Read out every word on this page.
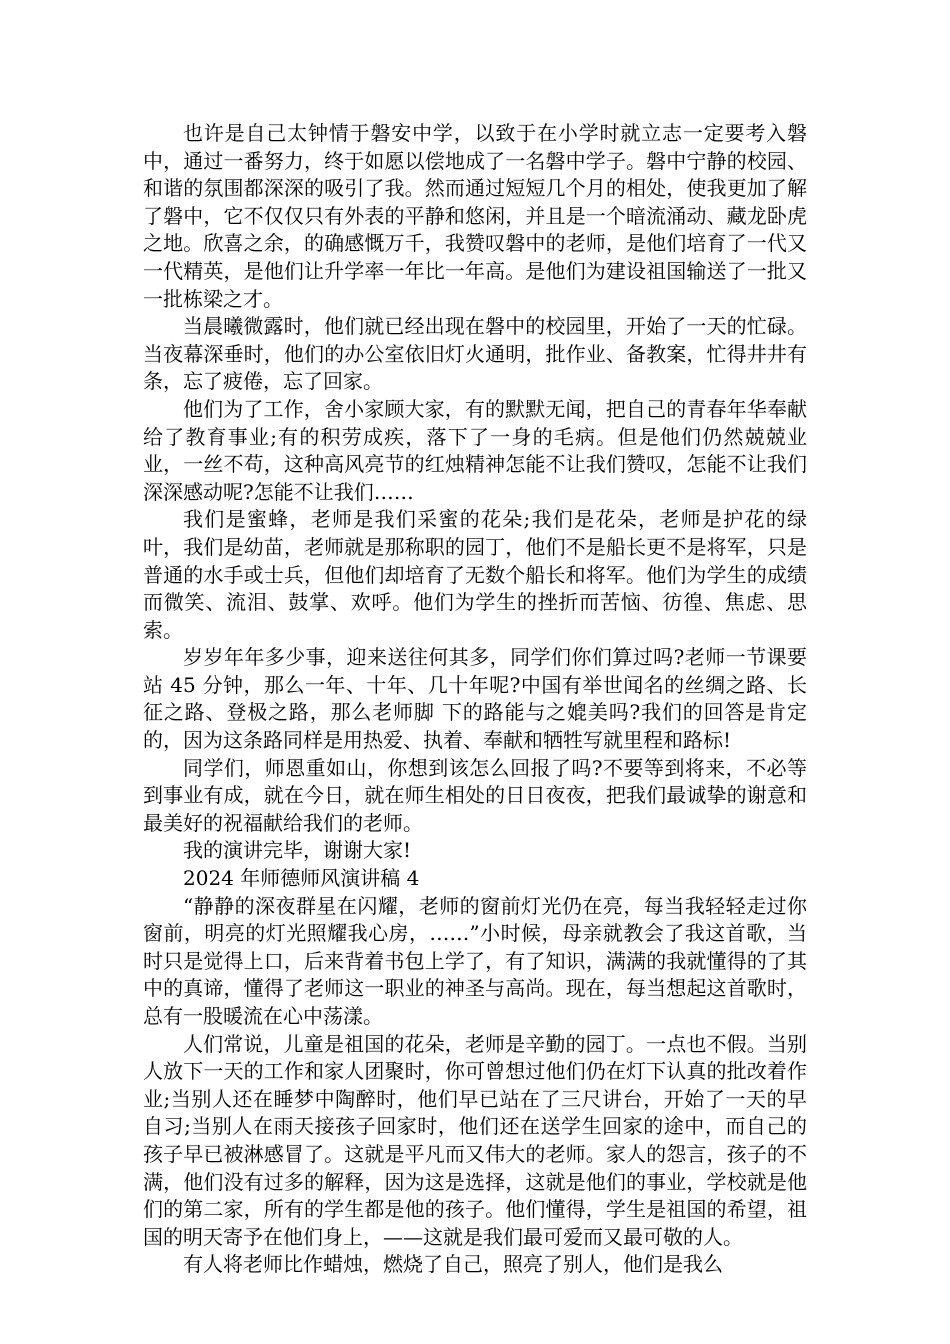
也许是自己太钟情于磐安中学，以致于在小学时就立志一定要考入磐中，通过一番努力，终于如愿以偿地成了一名磐中学子。磐中宁静的校园、和谐的氛围都深深的吸引了我。然而通过短短几个月的相处，使我更加了解了磐中，它不仅仅只有外表的平静和悠闲，并且是一个暗流涌动、藏龙卧虎之地。欣喜之余，的确感慨万千，我赞叹磐中的老师，是他们培育了一代又一代精英，是他们让升学率一年比一年高。是他们为建设祖国输送了一批又一批栋梁之才。

当晨曦微露时，他们就已经出现在磐中的校园里，开始了一天的忙碌。当夜幕深垂时，他们的办公室依旧灯火通明，批作业、备教案，忙得井井有条，忘了疲倦，忘了回家。

他们为了工作，舍小家顾大家，有的默默无闻，把自己的青春年华奉献给了教育事业;有的积劳成疾，落下了一身的毛病。但是他们仍然兢兢业业，一丝不苟，这种高风亮节的红烛精神怎能不让我们赞叹，怎能不让我们深深感动呢?怎能不让我们……

我们是蜜蜂，老师是我们采蜜的花朵;我们是花朵，老师是护花的绿叶，我们是幼苗，老师就是那称职的园丁，他们不是船长更不是将军，只是普通的水手或士兵，但他们却培育了无数个船长和将军。他们为学生的成绩而微笑、流泪、鼓掌、欢呼。他们为学生的挫折而苦恼、彷徨、焦虑、思索。

岁岁年年多少事，迎来送往何其多，同学们你们算过吗?老师一节课要站 45 分钟，那么一年、十年、几十年呢?中国有举世闻名的丝绸之路、长征之路、登极之路，那么老师脚 下的路能与之媲美吗?我们的回答是肯定的，因为这条路同样是用热爱、执着、奉献和牺牲写就里程和路标!

同学们，师恩重如山，你想到该怎么回报了吗?不要等到将来，不必等到事业有成，就在今日，就在师生相处的日日夜夜，把我们最诚挚的谢意和最美好的祝福献给我们的老师。

我的演讲完毕，谢谢大家!

2024 年师德师风演讲稿 4

“静静的深夜群星在闪耀，老师的窗前灯光仍在亮，每当我轻轻走过你窗前，明亮的灯光照耀我心房，……”小时候，母亲就教会了我这首歌，当时只是觉得上口，后来背着书包上学了，有了知识，满满的我就懂得的了其中的真谛，懂得了老师这一职业的神圣与高尚。现在，每当想起这首歌时，总有一股暖流在心中荡漾。

人们常说，儿童是祖国的花朵，老师是辛勤的园丁。一点也不假。当别人放下一天的工作和家人团聚时，你可曾想过他们仍在灯下认真的批改着作业;当别人还在睡梦中陶醉时，他们早已站在了三尺讲台，开始了一天的早自习;当别人在雨天接孩子回家时，他们还在送学生回家的途中，而自己的孩子早已被淋感冒了。这就是平凡而又伟大的老师。家人的怨言，孩子的不满，他们没有过多的解释，因为这是选择，这就是他们的事业，学校就是他们的第二家，所有的学生都是他的孩子。他们懂得，学生是祖国的希望，祖国的明天寄予在他们身上，——这就是我们最可爱而又最可敬的人。

有人将老师比作蜡烛，燃烧了自己，照亮了别人，他们是我么
